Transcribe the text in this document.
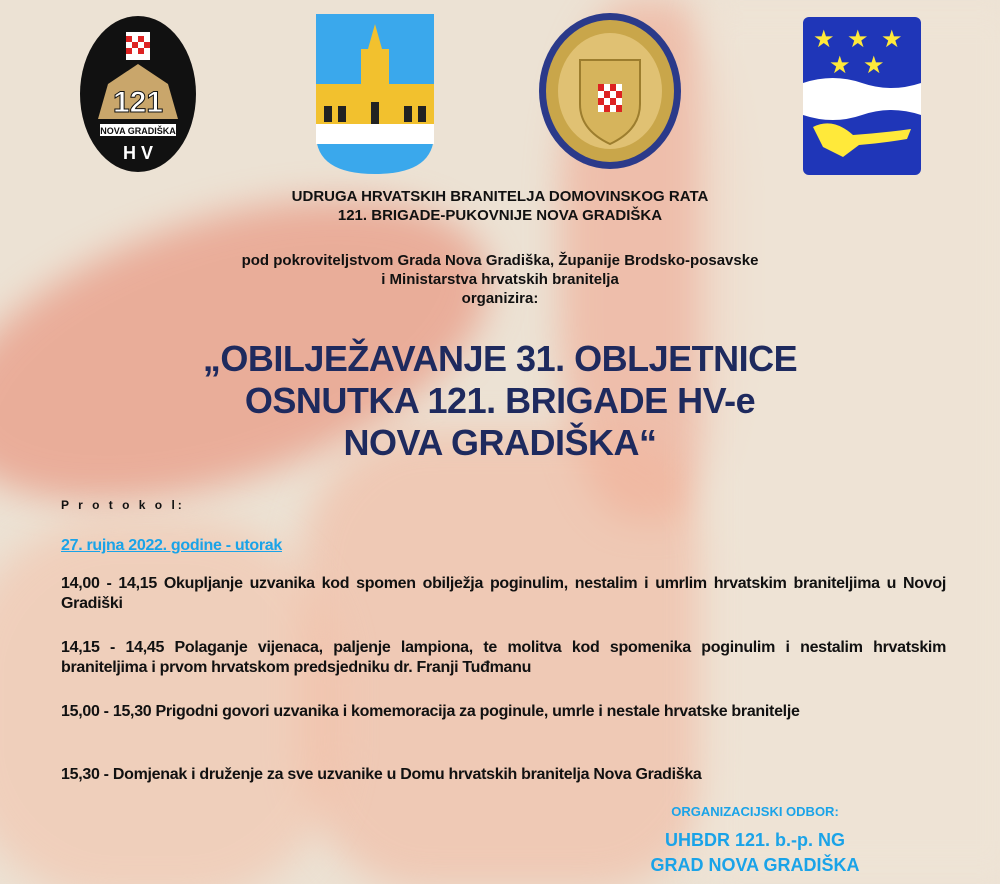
121
NOVA GRADIŠKA
H V
★ ★ ★
★ ★
UDRUGA HRVATSKIH BRANITELJA DOMOVINSKOG RATA
121. BRIGADE-PUKOVNIJE NOVA GRADIŠKA
pod pokroviteljstvom Grada Nova Gradiška, Županije Brodsko-posavske
i Ministarstva hrvatskih branitelja
organizira:
„OBILJEŽAVANJE 31. OBLJETNICE
OSNUTKA 121. BRIGADE HV-e
NOVA GRADIŠKA“
P r o t o k o l:
27. rujna 2022. godine - utorak
14,00 - 14,15 Okupljanje uzvanika kod spomen obilježja poginulim, nestalim i umrlim hrvatskim braniteljima u Novoj Gradiški
14,15 - 14,45 Polaganje vijenaca, paljenje lampiona, te molitva kod spomenika poginulim i nestalim hrvatskim braniteljima i prvom hrvatskom predsjedniku dr. Franji Tuđmanu
15,00 - 15,30 Prigodni govori uzvanika i komemoracija za poginule, umrle i nestale hrvatske branitelje
15,30 - Domjenak i druženje za sve uzvanike u Domu hrvatskih branitelja Nova Gradiška
ORGANIZACIJSKI ODBOR:
UHBDR 121. b.-p. NG
GRAD NOVA GRADIŠKA
